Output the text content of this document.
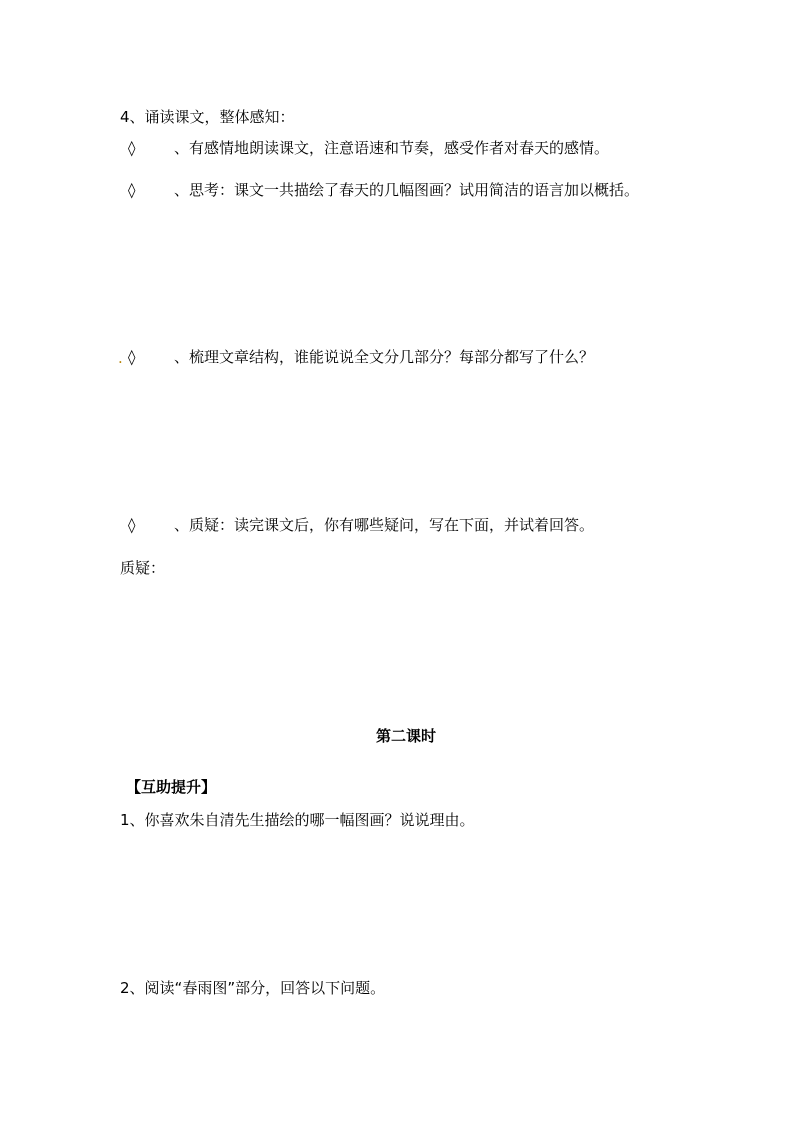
4、诵读课文，整体感知：
◊	、有感情地朗读课文，注意语速和节奏，感受作者对春天的感情。
◊	、思考：课文一共描绘了春天的几幅图画？试用简洁的语言加以概括。
. ◊	、梳理文章结构，谁能说说全文分几部分？每部分都写了什么？
◊	、质疑：读完课文后，你有哪些疑问，写在下面，并试着回答。
质疑：
第二课时
【互助提升】
1、你喜欢朱自清先生描绘的哪一幅图画？说说理由。
2、阅读“春雨图”部分，回答以下问题。
